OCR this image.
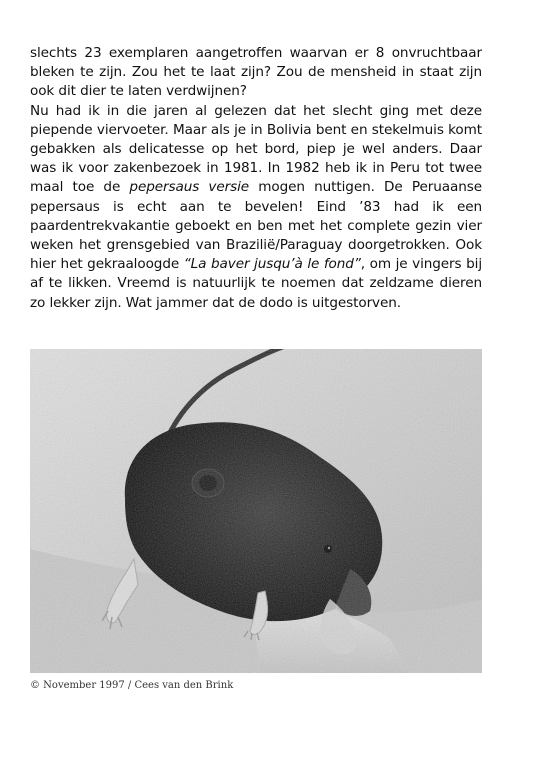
slechts 23 exemplaren aangetroffen waarvan er 8 onvruchtbaar bleken te zijn. Zou het te laat zijn? Zou de mensheid in staat zijn ook dit dier te laten verdwijnen?

Nu had ik in die jaren al gelezen dat het slecht ging met deze piepende viervoeter. Maar als je in Bolivia bent en stekelmuis komt gebakken als delicatesse op het bord, piep je wel anders. Daar was ik voor zakenbezoek in 1981. In 1982 heb ik in Peru tot twee maal toe de pepersaus versie mogen nuttigen. De Peruaanse pepersaus is echt aan te bevelen! Eind ’83 had ik een paardentrekvakantie geboekt en ben met het complete gezin vier weken het grensgebied van Brazilië/Paraguay doorgetrokken. Ook hier het gekraaloogde “La baver jusqu’à le fond”, om je vingers bij af te likken. Vreemd is natuurlijk te noemen dat zeldzame dieren zo lekker zijn. Wat jammer dat de dodo is uitgestorven.

© November 1997 / Cees van den Brink
